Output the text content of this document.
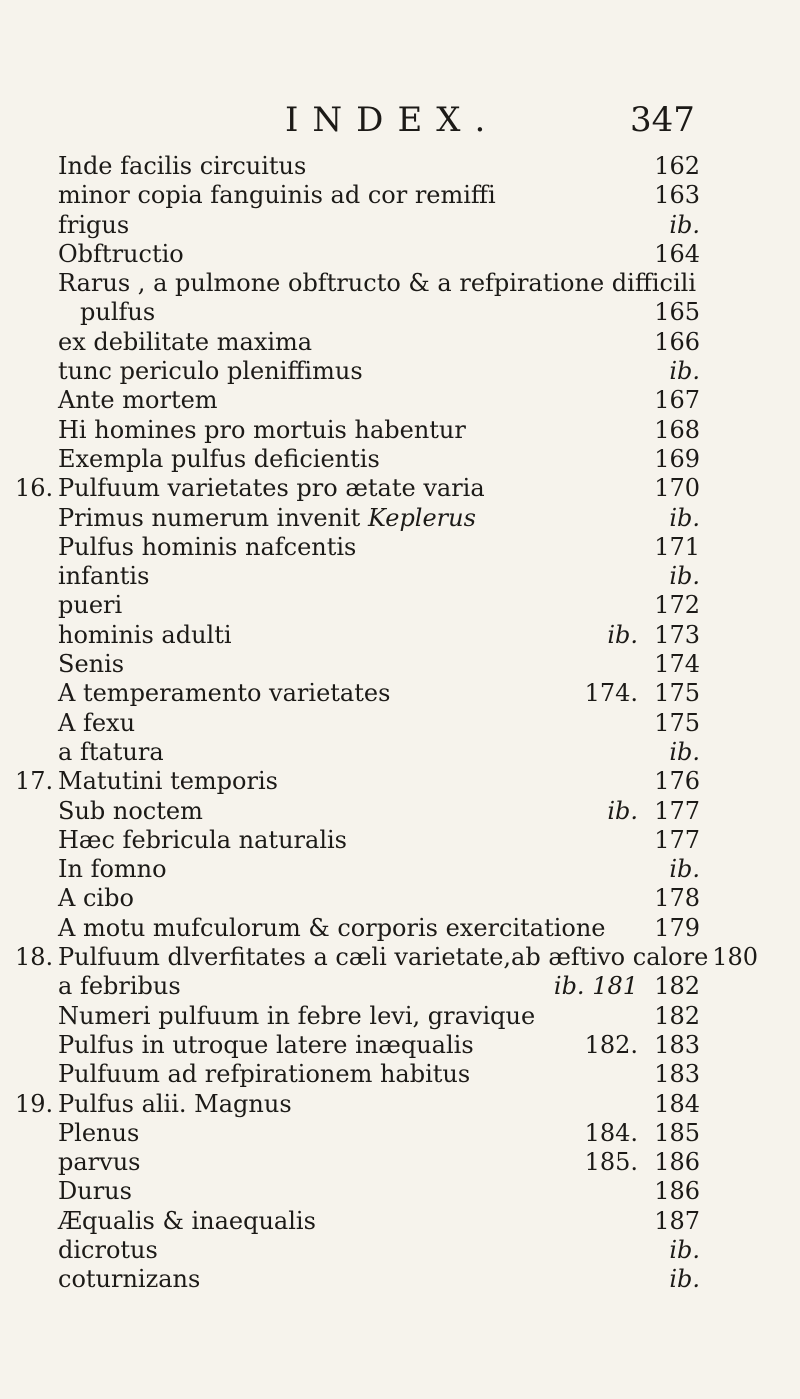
INDEX.	347
Inde facilis circuitus	162
minor copia fanguinis ad cor remiffi	163
frigus	ib.
Obftructio	164
Rarus , a pulmone obftructo & a refpiratione difficili
pulfus	165
ex debilitate maxima	166
tunc periculo pleniffimus	ib.
Ante mortem	167
Hi homines pro mortuis habentur	168
Exempla pulfus deficientis	169
16. Pulfuum varietates pro ætate varia	170
Primus numerum invenit Keplerus	ib.
Pulfus hominis nafcentis	171
infantis	ib.
pueri	172
hominis adulti	ib. 173
Senis	174
A temperamento varietates	174. 175
A fexu	175
a ftatura	ib.
17. Matutini temporis	176
Sub noctem	ib. 177
Hæc febricula naturalis	177
In fomno	ib.
A cibo	178
A motu mufculorum & corporis exercitatione 179
18. Pulfuum dlverfitates a cæli varietate,ab æftivo calore 180
a febribus	ib. 181 182
Numeri pulfuum in febre levi, gravique	182
Pulfus in utroque latere inæqualis	182. 183
Pulfuum ad refpirationem habitus	183
19. Pulfus alii. Magnus	184
Plenus	184. 185
parvus	185. 186
Durus	186
Æqualis & inaequalis	187
dicrotus	ib.
coturnizans	ib.
